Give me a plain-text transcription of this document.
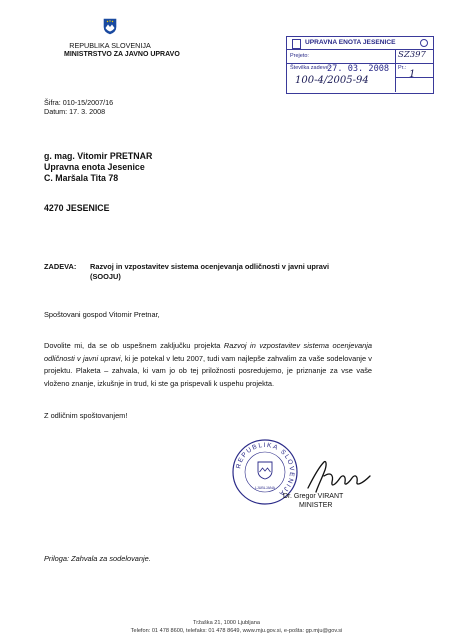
REPUBLIKA SLOVENIJA
MINISTRSTVO ZA JAVNO UPRAVO
UPRAVNA ENOTA JESENICE
Prejeto:
27. 03. 2008
Številka zadeve:	Pr.:
SZ397
100-4/2005-94
1
Šifra: 010-15/2007/16
Datum: 17. 3. 2008
g. mag. Vitomir PRETNAR
Upravna enota Jesenice
C. Maršala Tita 78
4270 JESENICE
ZADEVA: Razvoj in vzpostavitev sistema ocenjevanja odličnosti v javni upravi
(SOOJU)
Spoštovani gospod Vitomir Pretnar,
Dovolite mi, da se ob uspešnem zaključku projekta Razvoj in vzpostavitev sistema ocenjevanja odličnosti v javni upravi, ki je potekal v letu 2007, tudi vam najlepše zahvalim za vaše sodelovanje v projektu. Plaketa – zahvala, ki vam jo ob tej priložnosti posredujemo, je priznanje za vse vaše vloženo znanje, izkušnje in trud, ki ste ga prispevali k uspehu projekta.
Z odličnim spoštovanjem!
REPUBLIKA SLOVENIJA
LJUBLJANA
Dr. Gregor VIRANT
MINISTER
Priloga: Zahvala za sodelovanje.
Tržaška 21, 1000 Ljubljana
Telefon: 01 478 8600, telefaks: 01 478 8649, www.mju.gov.si, e-pošta: gp.mju@gov.si
